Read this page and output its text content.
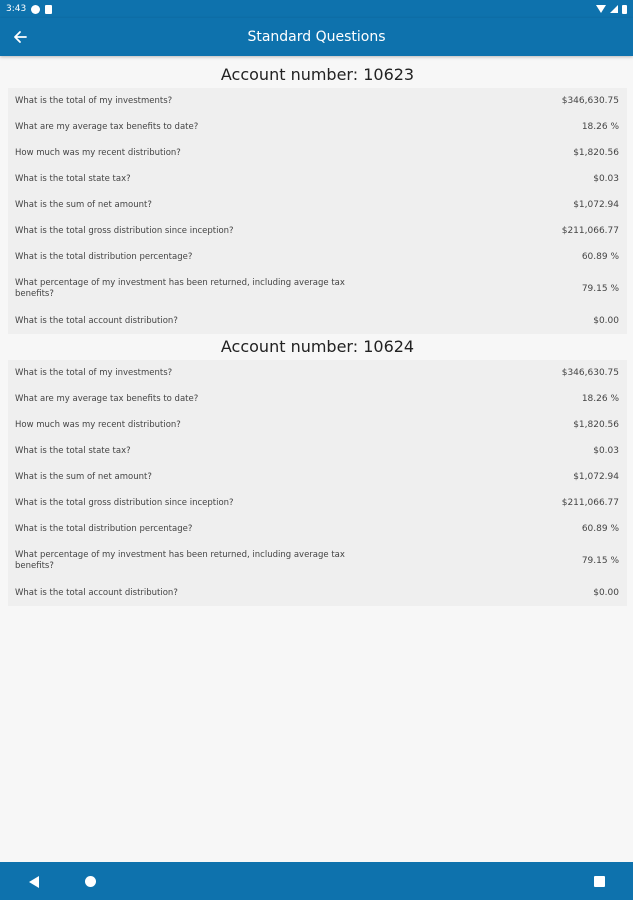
3:43
Standard Questions
Account number: 10623
What is the total of my investments?	$346,630.75
What are my average tax benefits to date?	18.26 %
How much was my recent distribution?	$1,820.56
What is the total state tax?	$0.03
What is the sum of net amount?	$1,072.94
What is the total gross distribution since inception?	$211,066.77
What is the total distribution percentage?	60.89 %
What percentage of my investment has been returned, including average tax benefits?	79.15 %
What is the total account distribution?	$0.00
Account number: 10624
What is the total of my investments?	$346,630.75
What are my average tax benefits to date?	18.26 %
How much was my recent distribution?	$1,820.56
What is the total state tax?	$0.03
What is the sum of net amount?	$1,072.94
What is the total gross distribution since inception?	$211,066.77
What is the total distribution percentage?	60.89 %
What percentage of my investment has been returned, including average tax benefits?	79.15 %
What is the total account distribution?	$0.00
